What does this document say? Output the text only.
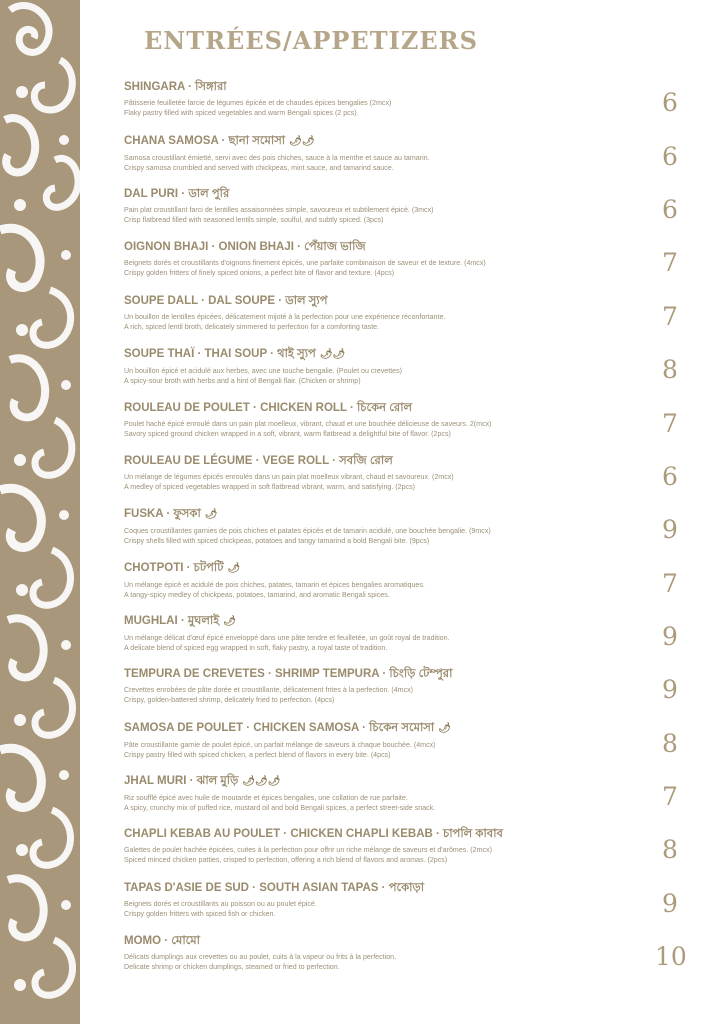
ENTRÉES/APPETIZERS
SHINGARA · সিঙ্গারা
Pâtisserie feuilletée farcie de légumes épicée et de chaudes épices bengalies (2mcx)
Flaky pastry filled with spiced vegetables and warm Bengali spices (2 pcs).
CHANA SAMOSA · ছানা সমোসা 🌶🌶
Samosa croustillant émietté, servi avec des pois chiches, sauce à la menthe et sauce au tamarin.
Crispy samosa crumbled and served with chickpeas, mint sauce, and tamarind sauce.
DAL PURI · ডাল পুরি
Pain plat croustillant farci de lentilles assaisonnées simple, savoureux et subtilement épicé. (3mcx)
Crisp flatbread filled with seasoned lentils simple, soulful, and subtly spiced. (3pcs)
OIGNON BHAJI · ONION BHAJI · পেঁয়াজ ভাজি
Beignets dorés et croustillants d'oignons finement épicés, une parfaite combinaison de saveur et de texture. (4mcx)
Crispy golden fritters of finely spiced onions, a perfect bite of flavor and texture. (4pcs)
SOUPE DALL · DAL SOUPE · ডাল স্যুপ
Un bouillon de lentilles épicées, délicatement mijoté à la perfection pour une expérience réconfortante.
A rich, spiced lentil broth, delicately simmered to perfection for a comforting taste.
SOUPE THAÏ · THAI SOUP · থাই স্যুপ 🌶🌶
Un bouillon épicé et acidulé aux herbes, avec une touche bengalie. (Poulet ou crevettes)
A spicy-sour broth with herbs and a hint of Bengali flair. (Chicken or shrimp)
ROULEAU DE POULET · CHICKEN ROLL · চিকেন রোল
Poulet haché épicé enroulé dans un pain plat moelleux, vibrant, chaud et une bouchée délicieuse de saveurs. 2(mcx)
Savory spiced ground chicken wrapped in a soft, vibrant, warm flatbread a delightful bite of flavor. (2pcs)
ROULEAU DE LÉGUME · VEGE ROLL · সবজি রোল
Un mélange de légumes épicés enroulés dans un pain plat moelleux vibrant, chaud et savoureux. (2mcx)
A medley of spiced vegetables wrapped in soft flatbread vibrant, warm, and satisfying. (2pcs)
FUSKA · ফুসকা 🌶
Coques croustillantes garnies de pois chiches et patates épicés et de tamarin acidulé, une bouchée bengalie. (9mcx)
Crispy shells filled with spiced chickpeas, potatoes and tangy tamarind a bold Bengali bite. (9pcs)
CHOTPOTI · চটপটি 🌶
Un mélange épicé et acidulé de pois chiches, patates, tamarin et épices bengalies aromatiques.
A tangy-spicy medley of chickpeas, potatoes, tamarind, and aromatic Bengali spices.
MUGHLAI · মুঘলাই 🌶
Un mélange délicat d'œuf épicé enveloppé dans une pâte tendre et feuilletée, un goût royal de tradition.
A delicate blend of spiced egg wrapped in soft, flaky pastry, a royal taste of tradition.
TEMPURA DE CREVETES · SHRIMP TEMPURA · চিংড়ি টেম্পুরা
Crevettes enrobées de pâte dorée et croustillante, délicatement frites à la perfection. (4mcx)
Crispy, golden-battered shrimp, delicately fried to perfection. (4pcs)
SAMOSA DE POULET · CHICKEN SAMOSA · চিকেন সমোসা 🌶
Pâte croustillante garnie de poulet épicé, un parfait mélange de saveurs à chaque bouchée. (4mcx)
Crispy pastry filled with spiced chicken, a perfect blend of flavors in every bite. (4pcs)
JHAL MURI · ঝাল মুড়ি 🌶🌶🌶
Riz soufflé épicé avec huile de moutarde et épices bengalies, une collation de rue parfaite.
A spicy, crunchy mix of puffed rice, mustard oil and bold Bengali spices, a perfect street-side snack.
CHAPLI KEBAB AU POULET · CHICKEN CHAPLI KEBAB · চাপলি কাবাব
Galettes de poulet hachée épicées, cuites à la perfection pour offrir un riche mélange de saveurs et d'arômes. (2mcx)
Spiced minced chicken patties, crisped to perfection, offering a rich blend of flavors and aromas. (2pcs)
TAPAS D'ASIE DE SUD · SOUTH ASIAN TAPAS · পকোড়া
Beignets dorés et croustillants au poisson ou au poulet épicé.
Crispy golden fritters with spiced fish or chicken.
MOMO · মোমো
Délicats dumplings aux crevettes ou au poulet, cuits à la vapeur ou frits à la perfection.
Delicate shrimp or chicken dumplings, steamed or fried to perfection.
6
6
6
7
7
8
7
6
9
7
9
9
8
7
8
9
10
